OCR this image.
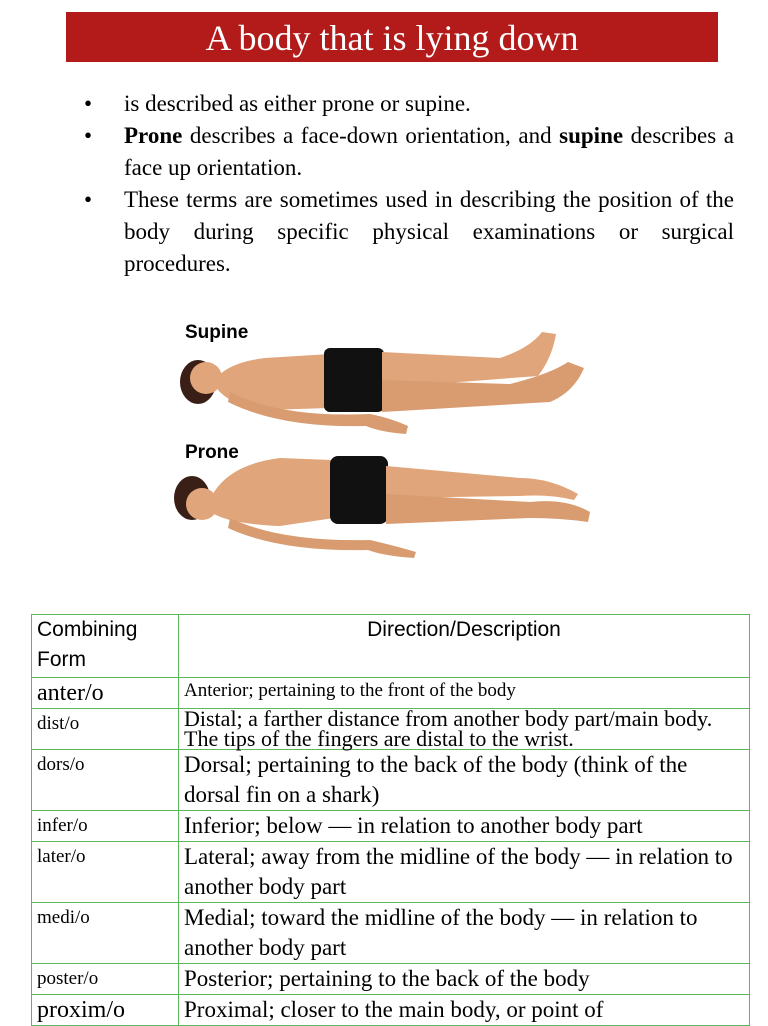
A body that is lying down
• is described as either prone or supine.
• Prone describes a face-down orientation, and supine describes a face up orientation.
• These terms are sometimes used in describing the position of the body during specific physical examinations or surgical procedures.
Supine
Prone
Combining Form	Direction/Description
anter/o	Anterior; pertaining to the front of the body
dist/o	Distal; a farther distance from another body part/main body. The tips of the fingers are distal to the wrist.
dors/o	Dorsal; pertaining to the back of the body (think of the dorsal fin on a shark)
infer/o	Inferior; below — in relation to another body part
later/o	Lateral; away from the midline of the body — in relation to another body part
medi/o	Medial; toward the midline of the body — in relation to another body part
poster/o	Posterior; pertaining to the back of the body
proxim/o	Proximal; closer to the main body, or point of
